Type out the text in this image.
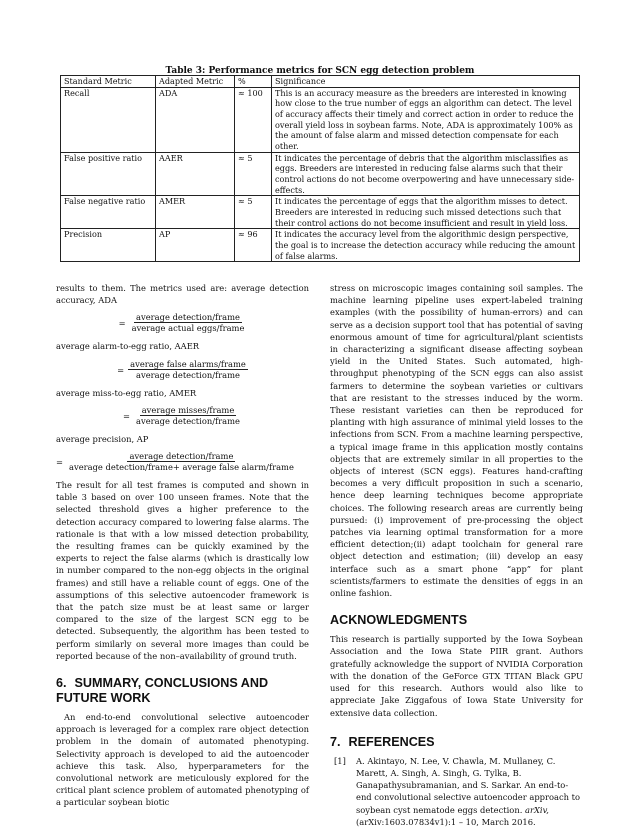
Table 3: Performance metrics for SCN egg detection problem
Standard Metric	Adapted Metric	%	Significance
Recall	ADA	≈ 100	This is an accuracy measure as the breeders are interested in knowing how close to the true number of eggs an algorithm can detect. The level of accuracy affects their timely and correct action in order to reduce the overall yield loss in soybean farms. Note, ADA is approximately 100% as the amount of false alarm and missed detection compensate for each other.
False positive ratio	AAER	≈ 5	It indicates the percentage of debris that the algorithm misclassifies as eggs. Breeders are interested in reducing false alarms such that their control actions do not become overpowering and have unnecessary side-effects.
False negative ratio	AMER	≈ 5	It indicates the percentage of eggs that the algorithm misses to detect. Breeders are interested in reducing such missed detections such that their control actions do not become insufficient and result in yield loss.
Precision	AP	≈ 96	It indicates the accuracy level from the algorithmic design perspective, the goal is to increase the detection accuracy while reducing the amount of false alarms.

results to them. The metrics used are: average detection accuracy, ADA

= $\frac{\text{average detection/frame}}{\text{average actual eggs/frame}}$

average alarm-to-egg ratio, AAER

= $\frac{\text{average false alarms/frame}}{\text{average detection/frame}}$

average miss-to-egg ratio, AMER

= $\frac{\text{average misses/frame}}{\text{average detection/frame}}$

average precision, AP

= $\frac{\text{average detection/frame}}{\text{average detection/frame+ average false alarm/frame}}$

The result for all test frames is computed and shown in table 3 based on over 100 unseen frames. Note that the selected threshold gives a higher preference to the detection accuracy compared to lowering false alarms. The rationale is that with a low missed detection probability, the resulting frames can be quickly examined by the experts to reject the false alarms (which is drastically low in number compared to the non-egg objects in the original frames) and still have a reliable count of eggs. One of the assumptions of this selective autoencoder framework is that the patch size must be at least same or larger compared to the size of the largest SCN egg to be detected. Subsequently, the algorithm has been tested to perform similarly on several more images than could be reported because of the non–availability of ground truth.

6. SUMMARY, CONCLUSIONS AND FUTURE WORK

An end-to-end convolutional selective autoencoder approach is leveraged for a complex rare object detection problem in the domain of automated phenotyping. Selectivity approach is developed to aid the autoencoder achieve this task. Also, hyperparameters for the convolutional network are meticulously explored for the critical plant science problem of automated phenotyping of a particular soybean biotic

stress on microscopic images containing soil samples. The machine learning pipeline uses expert-labeled training examples (with the possibility of human-errors) and can serve as a decision support tool that has potential of saving enormous amount of time for agricultural/plant scientists in characterizing a significant disease affecting soybean yield in the United States. Such automated, high-throughput phenotyping of the SCN eggs can also assist farmers to determine the soybean varieties or cultivars that are resistant to the stresses induced by the worm. These resistant varieties can then be reproduced for planting with high assurance of minimal yield losses to the infections from SCN. From a machine learning perspective, a typical image frame in this application mostly contains objects that are extremely similar in all properties to the objects of interest (SCN eggs). Features hand-crafting becomes a very difficult proposition in such a scenario, hence deep learning techniques become appropriate choices. The following research areas are currently being pursued: (i) improvement of pre-processing the object patches via learning optimal transformation for a more efficient detection;(ii) adapt toolchain for general rare object detection and estimation; (iii) develop an easy interface such as a smart phone “app” for plant scientists/farmers to estimate the densities of eggs in an online fashion.

ACKNOWLEDGMENTS

This research is partially supported by the Iowa Soybean Association and the Iowa State PIIR grant. Authors gratefully acknowledge the support of NVIDIA Corporation with the donation of the GeForce GTX TITAN Black GPU used for this research. Authors would also like to appreciate Jake Ziggafous of Iowa State University for extensive data collection.

7. REFERENCES
[1]	A. Akintayo, N. Lee, V. Chawla, M. Mullaney, C. Marett, A. Singh, A. Singh, G. Tylka, B. Ganapathysubramanian, and S. Sarkar. An end-to-end convolutional selective autoencoder approach to soybean cyst nematode eggs detection. arXiv, (arXiv:1603.07834v1):1 – 10, March 2016.
